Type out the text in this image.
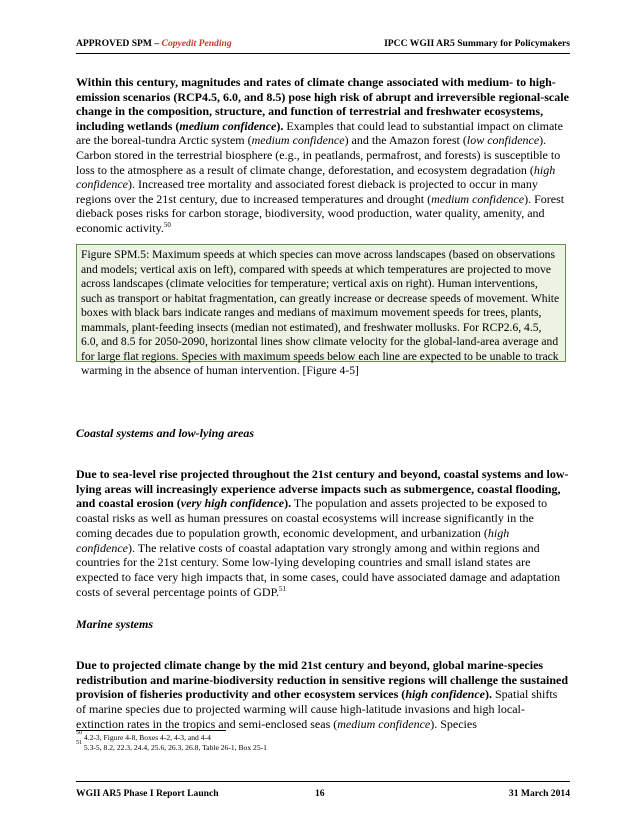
APPROVED SPM – Copyedit Pending	IPCC WGII AR5 Summary for Policymakers

Within this century, magnitudes and rates of climate change associated with medium- to high-emission scenarios (RCP4.5, 6.0, and 8.5) pose high risk of abrupt and irreversible regional-scale change in the composition, structure, and function of terrestrial and freshwater ecosystems, including wetlands (medium confidence). Examples that could lead to substantial impact on climate are the boreal-tundra Arctic system (medium confidence) and the Amazon forest (low confidence). Carbon stored in the terrestrial biosphere (e.g., in peatlands, permafrost, and forests) is susceptible to loss to the atmosphere as a result of climate change, deforestation, and ecosystem degradation (high confidence). Increased tree mortality and associated forest dieback is projected to occur in many regions over the 21st century, due to increased temperatures and drought (medium confidence). Forest dieback poses risks for carbon storage, biodiversity, wood production, water quality, amenity, and economic activity.$^{50}$

Figure SPM.5: Maximum speeds at which species can move across landscapes (based on observations and models; vertical axis on left), compared with speeds at which temperatures are projected to move across landscapes (climate velocities for temperature; vertical axis on right). Human interventions, such as transport or habitat fragmentation, can greatly increase or decrease speeds of movement. White boxes with black bars indicate ranges and medians of maximum movement speeds for trees, plants, mammals, plant-feeding insects (median not estimated), and freshwater mollusks. For RCP2.6, 4.5, 6.0, and 8.5 for 2050-2090, horizontal lines show climate velocity for the global-land-area average and for large flat regions. Species with maximum speeds below each line are expected to be unable to track warming in the absence of human intervention. [Figure 4-5]
Coastal systems and low-lying areas

Due to sea-level rise projected throughout the 21st century and beyond, coastal systems and low-lying areas will increasingly experience adverse impacts such as submergence, coastal flooding, and coastal erosion (very high confidence). The population and assets projected to be exposed to coastal risks as well as human pressures on coastal ecosystems will increase significantly in the coming decades due to population growth, economic development, and urbanization (high confidence). The relative costs of coastal adaptation vary strongly among and within regions and countries for the 21st century. Some low-lying developing countries and small island states are expected to face very high impacts that, in some cases, could have associated damage and adaptation costs of several percentage points of GDP.$^{51}$

Marine systems

Due to projected climate change by the mid 21st century and beyond, global marine-species redistribution and marine-biodiversity reduction in sensitive regions will challenge the sustained provision of fisheries productivity and other ecosystem services (high confidence). Spatial shifts of marine species due to projected warming will cause high-latitude invasions and high local-extinction rates in the tropics and semi-enclosed seas (medium confidence). Species

$^{50}$ 4.2-3, Figure 4-8, Boxes 4-2, 4-3, and 4-4
$^{51}$ 5.3-5, 8.2, 22.3, 24.4, 25.6, 26.3, 26.8, Table 26-1, Box 25-1
WGII AR5 Phase I Report Launch	16	31 March 2014
